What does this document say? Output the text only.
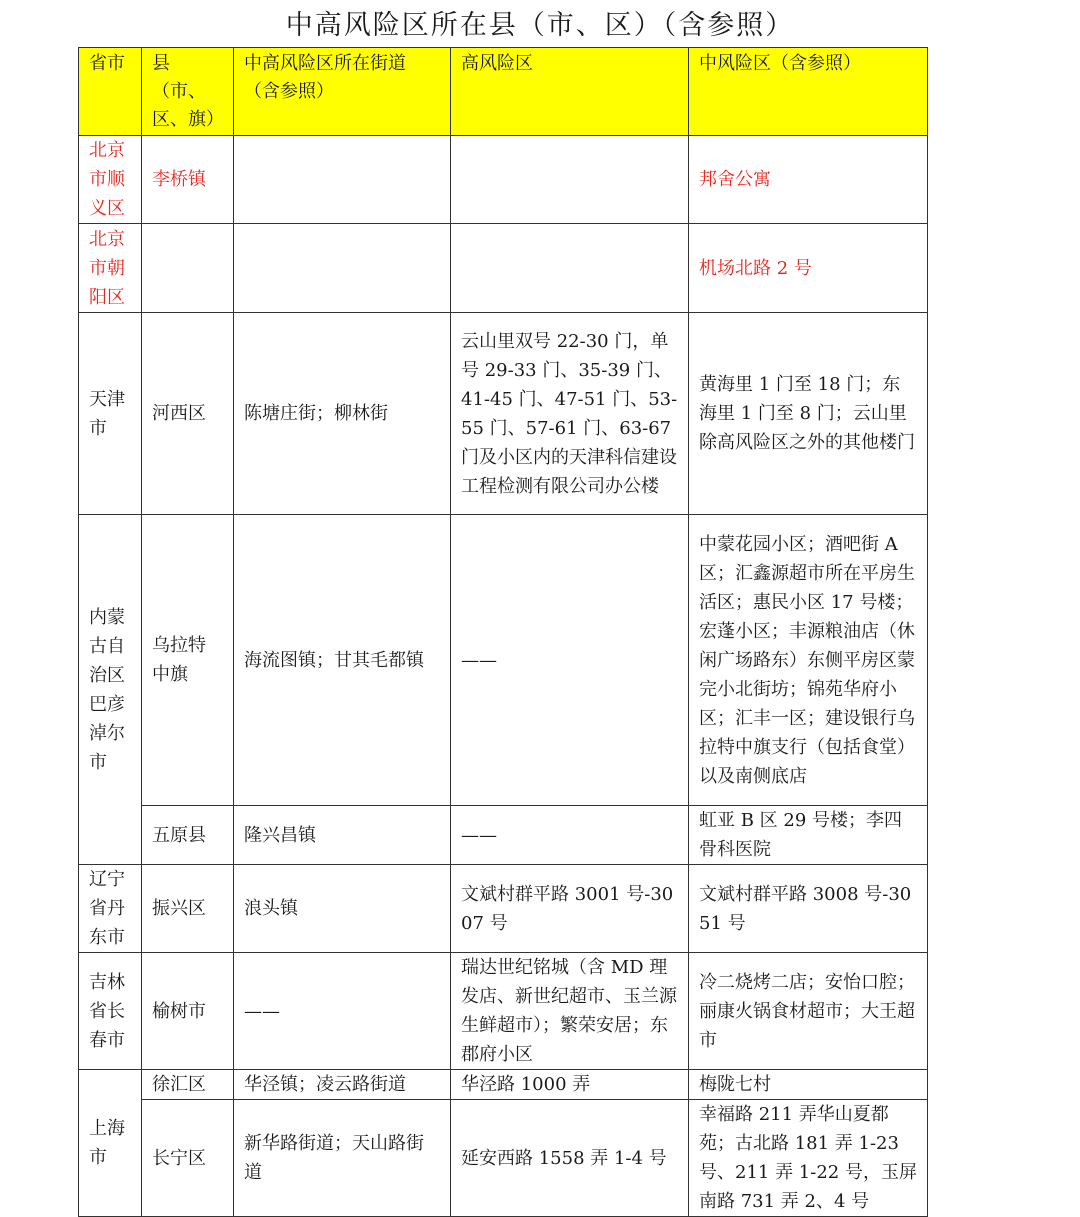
中高风险区所在县（市、区）（含参照）
省市	县（市、区、旗）	中高风险区所在街道（含参照）	高风险区	中风险区（含参照）
北京市顺义区	李桥镇			邦舍公寓
北京市朝阳区				机场北路 2 号
天津市	河西区	陈塘庄街；柳林街	云山里双号 22-30 门，单号 29-33 门、35-39 门、41-45 门、47-51 门、53-55 门、57-61 门、63-67 门及小区内的天津科信建设工程检测有限公司办公楼	黄海里 1 门至 18 门；东海里 1 门至 8 门；云山里除高风险区之外的其他楼门
内蒙古自治区巴彦淖尔市	乌拉特中旗	海流图镇；甘其毛都镇	——	中蒙花园小区；酒吧街 A 区；汇鑫源超市所在平房生活区；惠民小区 17 号楼；宏蓬小区；丰源粮油店（休闲广场路东）东侧平房区蒙完小北街坊；锦苑华府小区；汇丰一区；建设银行乌拉特中旗支行（包括食堂）以及南侧底店
	五原县	隆兴昌镇	——	虹亚 B 区 29 号楼；李四骨科医院
辽宁省丹东市	振兴区	浪头镇	文斌村群平路 3001 号-3007 号	文斌村群平路 3008 号-3051 号
吉林省长春市	榆树市	——	瑞达世纪铭城（含 MD 理发店、新世纪超市、玉兰源生鲜超市）；繁荣安居；东郡府小区	冷二烧烤二店；安怡口腔；丽康火锅食材超市；大王超市
上海市	徐汇区	华泾镇；凌云路街道	华泾路 1000 弄	梅陇七村
	长宁区	新华路街道；天山路街道	延安西路 1558 弄 1-4 号	幸福路 211 弄华山夏都苑；古北路 181 弄 1-23 号、211 弄 1-22 号，玉屏南路 731 弄 2、4 号
